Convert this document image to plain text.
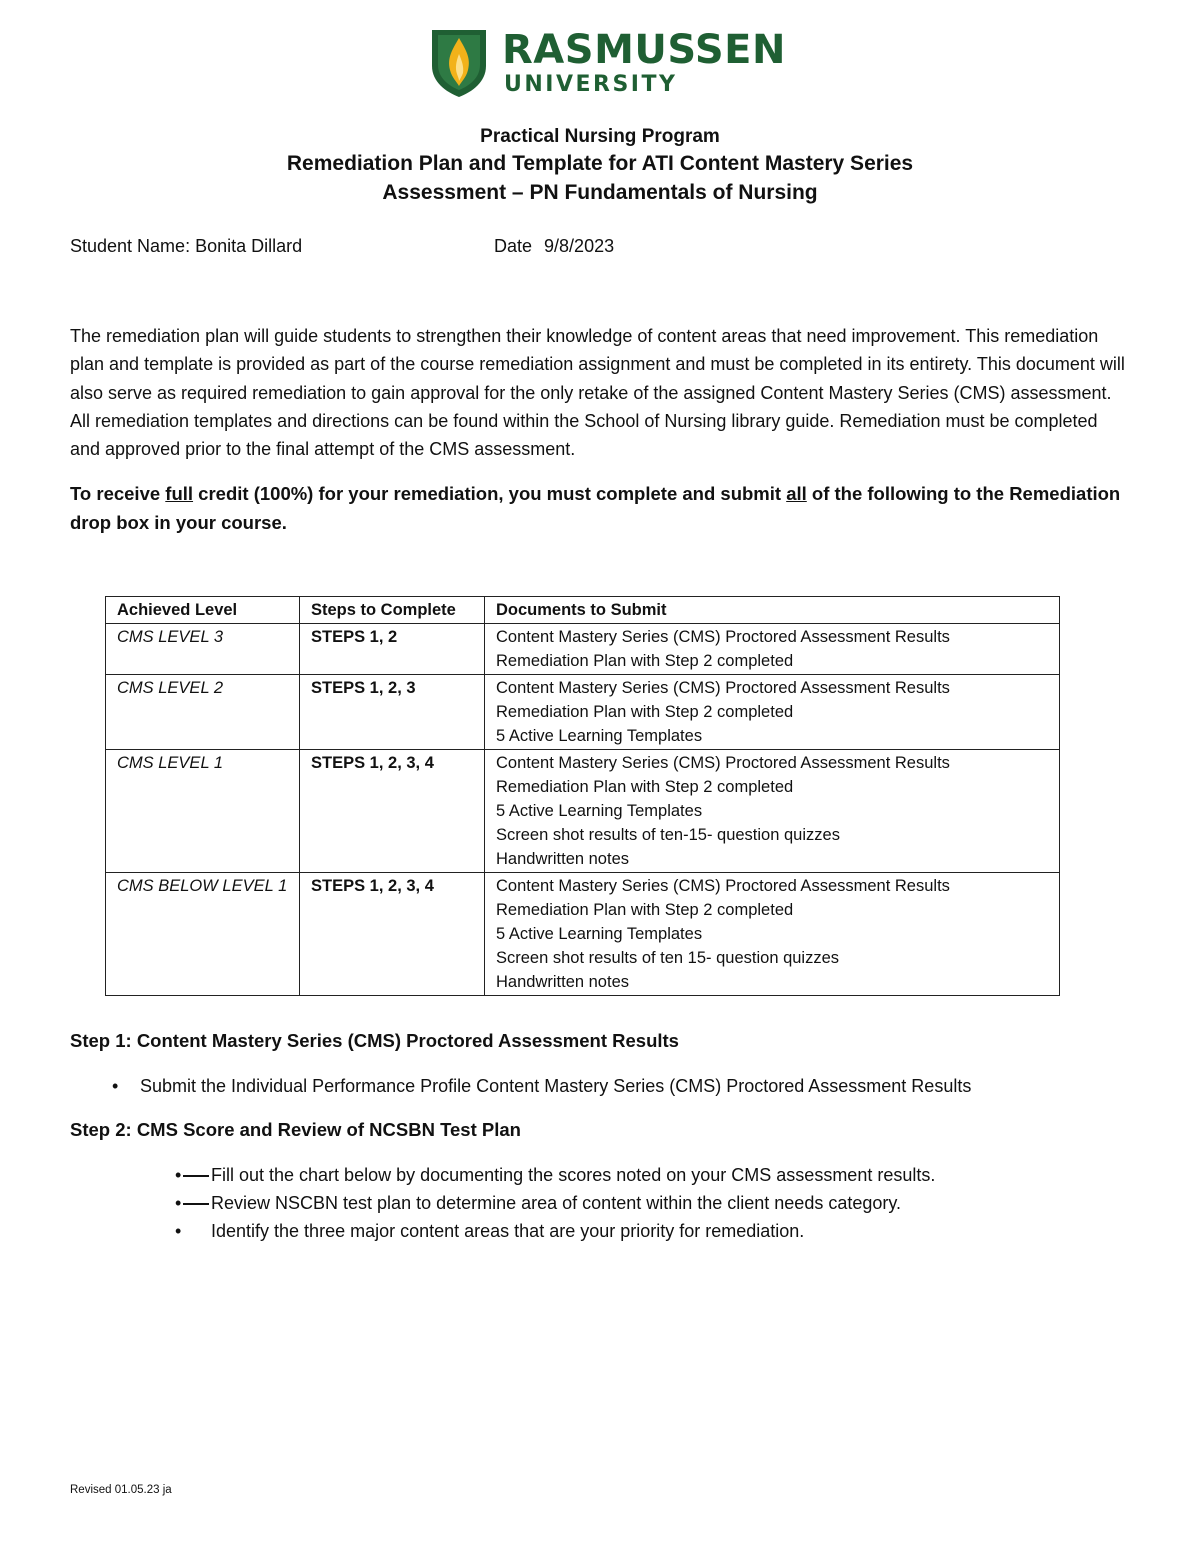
RASMUSSEN
UNIVERSITY
Practical Nursing Program
Remediation Plan and Template for ATI Content Mastery Series
Assessment – PN Fundamentals of Nursing
Student Name: Bonita Dillard	Date 9/8/2023
The remediation plan will guide students to strengthen their knowledge of content areas that need improvement. This remediation plan and template is provided as part of the course remediation assignment and must be completed in its entirety. This document will also serve as required remediation to gain approval for the only retake of the assigned Content Mastery Series (CMS) assessment. All remediation templates and directions can be found within the School of Nursing library guide. Remediation must be completed and approved prior to the final attempt of the CMS assessment.
To receive full credit (100%) for your remediation, you must complete and submit all of the following to the Remediation drop box in your course.
Achieved Level	Steps to Complete	Documents to Submit
CMS LEVEL 3	STEPS 1, 2	Content Mastery Series (CMS) Proctored Assessment Results
Remediation Plan with Step 2 completed

CMS LEVEL 2	STEPS 1, 2, 3	Content Mastery Series (CMS) Proctored Assessment Results
Remediation Plan with Step 2 completed
5 Active Learning Templates

CMS LEVEL 1	STEPS 1, 2, 3, 4	Content Mastery Series (CMS) Proctored Assessment Results
Remediation Plan with Step 2 completed
5 Active Learning Templates
Screen shot results of ten-15- question quizzes
Handwritten notes

CMS BELOW LEVEL 1	STEPS 1, 2, 3, 4	Content Mastery Series (CMS) Proctored Assessment Results
Remediation Plan with Step 2 completed
5 Active Learning Templates
Screen shot results of ten 15- question quizzes
Handwritten notes
Step 1: Content Mastery Series (CMS) Proctored Assessment Results
• Submit the Individual Performance Profile Content Mastery Series (CMS) Proctored Assessment Results
Step 2: CMS Score and Review of NCSBN Test Plan
• Fill out the chart below by documenting the scores noted on your CMS assessment results.
• Review NSCBN test plan to determine area of content within the client needs category.
• Identify the three major content areas that are your priority for remediation.
Revised 01.05.23 ja
